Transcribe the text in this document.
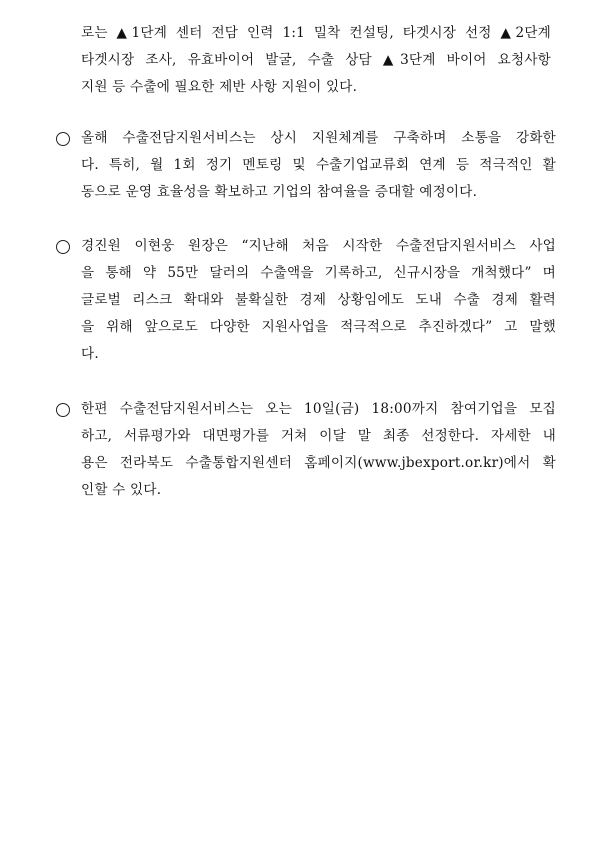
로는 ▲1단계 센터 전담 인력 1:1 밀착 컨설팅, 타겟시장 선정 ▲2단계
타겟시장 조사, 유효바이어 발굴, 수출 상담 ▲3단계 바이어 요청사항
지원 등 수출에 필요한 제반 사항 지원이 있다.
올해 수출전담지원서비스는 상시 지원체계를 구축하며 소통을 강화한
다. 특히, 월 1회 정기 멘토링 및 수출기업교류회 연계 등 적극적인 활
동으로 운영 효율성을 확보하고 기업의 참여율을 증대할 예정이다.
경진원 이현웅 원장은 “지난해 처음 시작한 수출전담지원서비스 사업
을 통해 약 55만 달러의 수출액을 기록하고, 신규시장을 개척했다” 며
글로벌 리스크 확대와 불확실한 경제 상황임에도 도내 수출 경제 활력
을 위해 앞으로도 다양한 지원사업을 적극적으로 추진하겠다” 고 말했
다.
한편 수출전담지원서비스는 오는 10일(금) 18:00까지 참여기업을 모집
하고, 서류평가와 대면평가를 거쳐 이달 말 최종 선정한다. 자세한 내
용은 전라북도 수출통합지원센터 홈페이지(www.jbexport.or.kr)에서 확
인할 수 있다.
